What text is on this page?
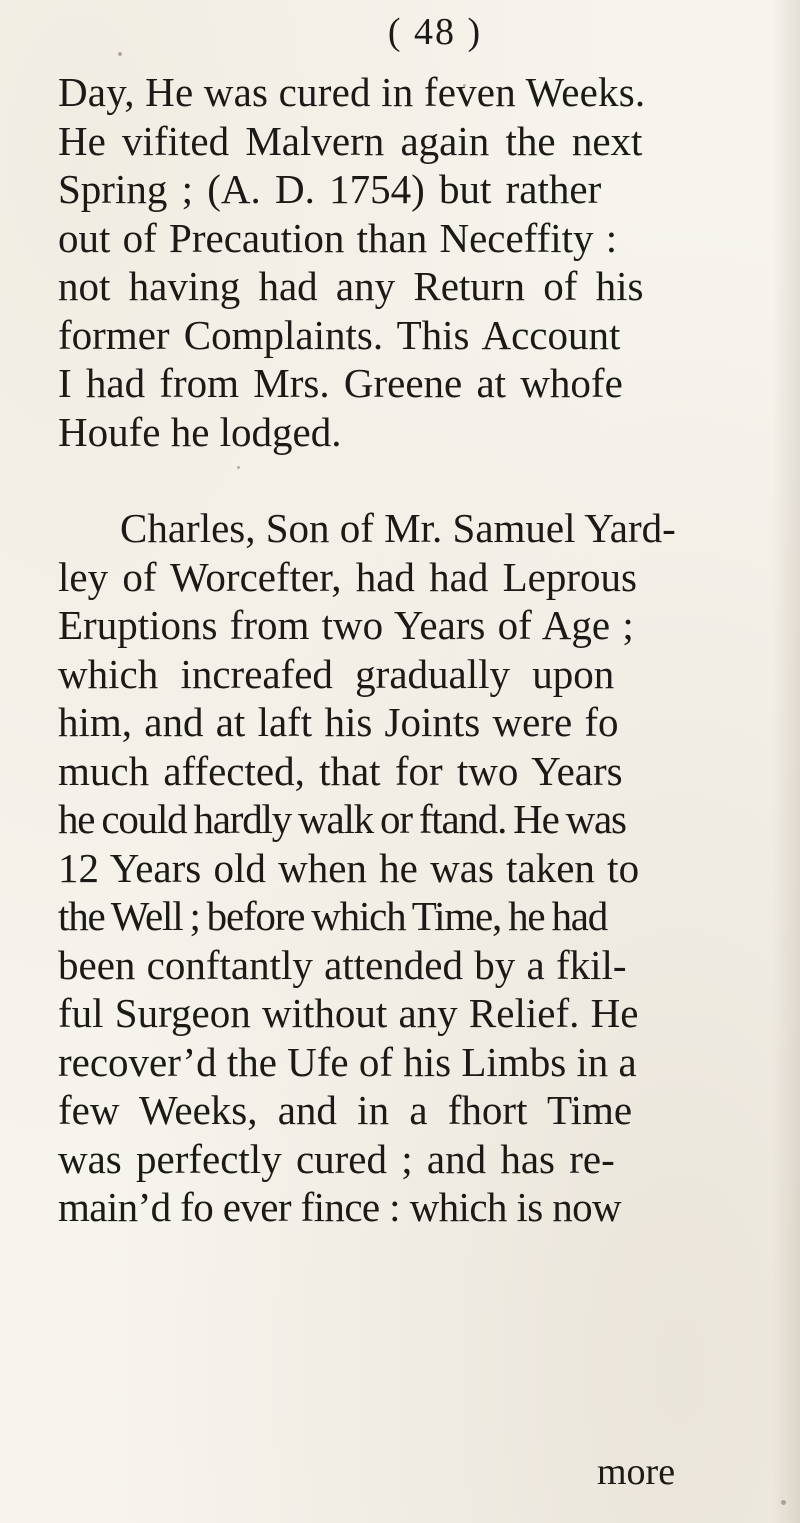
( 48 )
Day, He was cured in feven Weeks.
He vifited Malvern again the next
Spring ; (A. D. 1754) but rather
out of Precaution than Neceffity :
not having had any Return of his
former Complaints. This Account
I had from Mrs. Greene at whofe
Houfe he lodged.
Charles, Son of Mr. Samuel Yard-
ley of Worcefter, had had Leprous
Eruptions from two Years of Age ;
which increafed gradually upon
him, and at laft his Joints were fo
much affected, that for two Years
he could hardly walk or ftand. He was
12 Years old when he was taken to
the Well ; before which Time, he had
been conftantly attended by a fkil-
ful Surgeon without any Relief. He
recover’d the Ufe of his Limbs in a
few Weeks, and in a fhort Time
was perfectly cured ; and has re-
main’d fo ever fince : which is now
more
